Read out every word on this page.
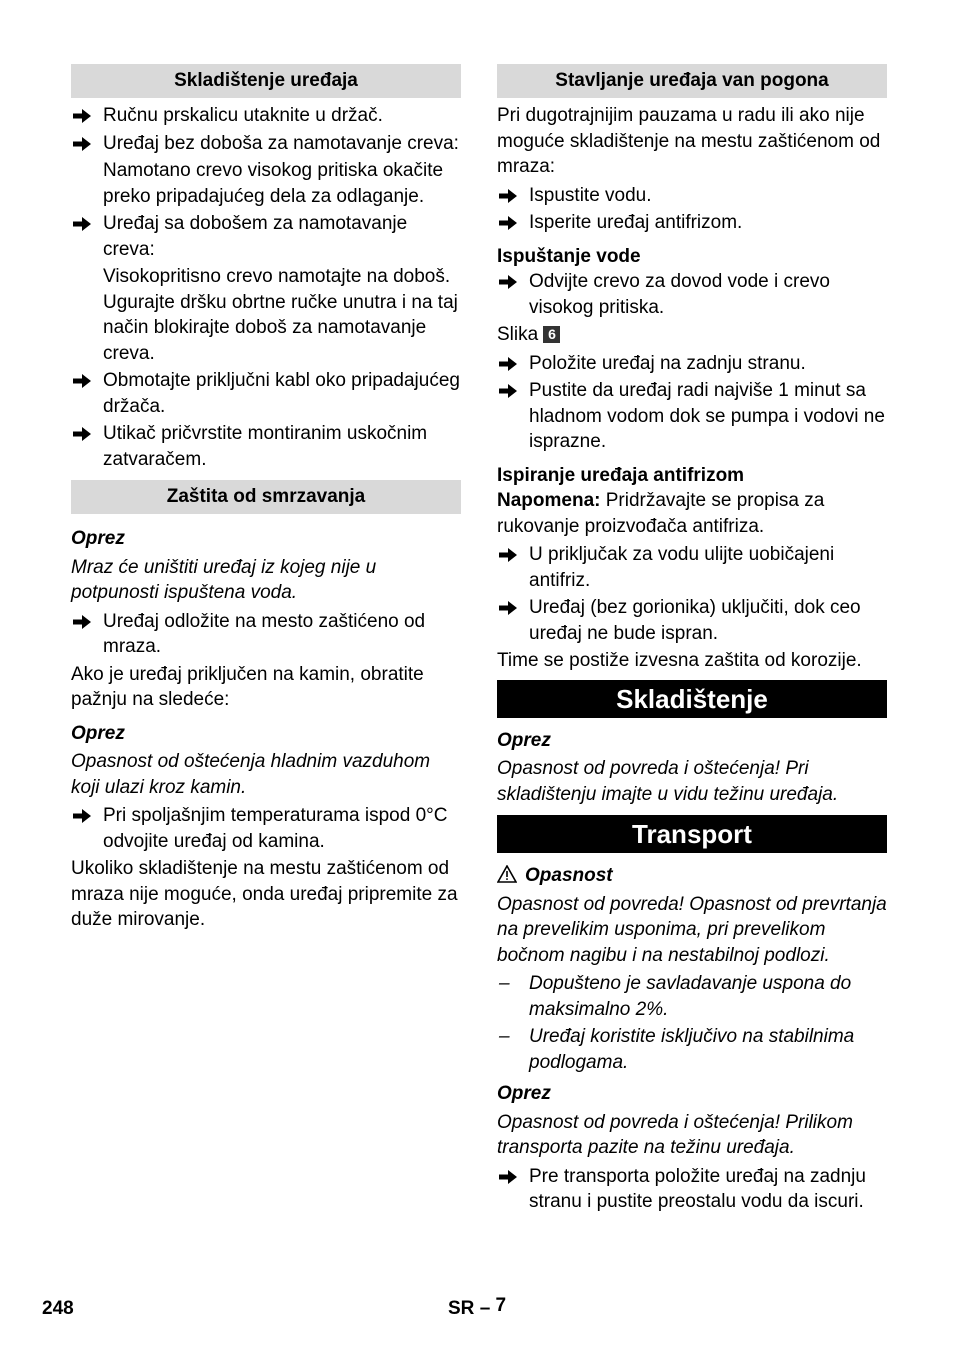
Skladištenje uređaja
Ručnu prskalicu utaknite u držač.
Uređaj bez doboša za namotavanje creva:
Namotano crevo visokog pritiska okačite preko pripadajućeg dela za odlaganje.
Uređaj sa dobošem za namotavanje creva:
Visokopritisno crevo namotajte na doboš. Ugurajte dršku obrtne ručke unutra i na taj način blokirajte doboš za namotavanje creva.
Obmotajte priključni kabl oko pripadajućeg držača.
Utikač pričvrstite montiranim uskočnim zatvaračem.
Zaštita od smrzavanja
Oprez
Mraz će uništiti uređaj iz kojeg nije u potpunosti ispuštena voda.
Uređaj odložite na mesto zaštićeno od mraza.
Ako je uređaj priključen na kamin, obratite pažnju na sledeće:
Oprez
Opasnost od oštećenja hladnim vazduhom koji ulazi kroz kamin.
Pri spoljašnjim temperaturama ispod 0°C odvojite uređaj od kamina.
Ukoliko skladištenje na mestu zaštićenom od mraza nije moguće, onda uređaj pripremite za duže mirovanje.
Stavljanje uređaja van pogona
Pri dugotrajnijim pauzama u radu ili ako nije moguće skladištenje na mestu zaštićenom od mraza:
Ispustite vodu.
Isperite uređaj antifrizom.
Ispuštanje vode
Odvijte crevo za dovod vode i crevo visokog pritiska.
Slika 6
Položite uređaj na zadnju stranu.
Pustite da uređaj radi najviše 1 minut sa hladnom vodom dok se pumpa i vodovi ne isprazne.
Ispiranje uređaja antifrizom
Napomena: Pridržavajte se propisa za rukovanje proizvođača antifriza.
U priključak za vodu ulijte uobičajeni antifriz.
Uređaj (bez gorionika) uključiti, dok ceo uređaj ne bude ispran.
Time se postiže izvesna zaštita od korozije.
Skladištenje
Oprez
Opasnost od povreda i oštećenja! Pri skladištenju imajte u vidu težinu uređaja.
Transport
Opasnost
Opasnost od povreda! Opasnost od prevrtanja na prevelikim usponima, pri prevelikom bočnom nagibu i na nestabilnoj podlozi.
– Dopušteno je savladavanje uspona do maksimalno 2%.
– Uređaj koristite isključivo na stabilnima podlogama.
Oprez
Opasnost od povreda i oštećenja! Prilikom transporta pazite na težinu uređaja.
Pre transporta položite uređaj na zadnju stranu i pustite preostalu vodu da iscuri.
248	SR – 7
